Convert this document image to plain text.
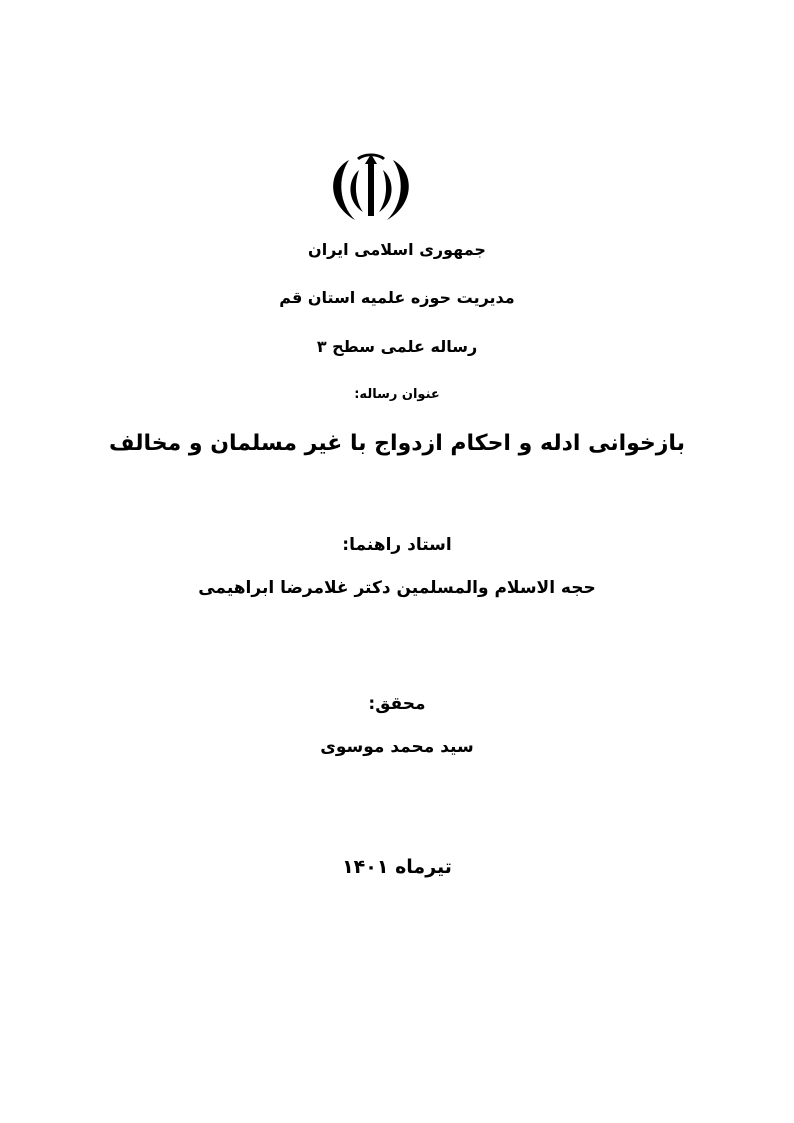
جمهوری اسلامی ایران
مدیریت حوزه علمیه استان قم
رساله علمی سطح ۳
عنوان رساله:
بازخوانی ادله و احکام ازدواج با غیر مسلمان و مخالف
استاد راهنما:
حجه الاسلام والمسلمین دکتر غلامرضا ابراهیمی
محقق:
سید محمد موسوی
تیرماه ۱۴۰۱
